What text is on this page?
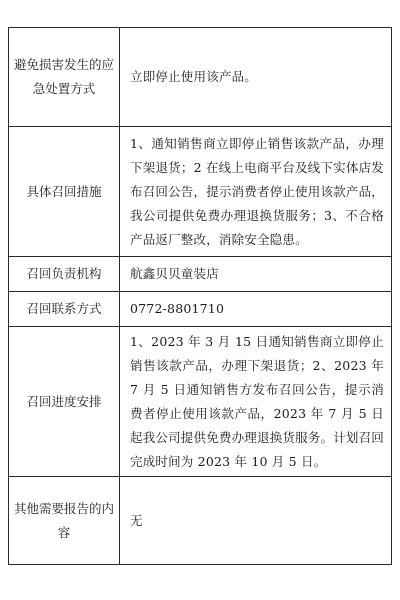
避免损害发生的应急处置方式	立即停止使用该产品。
具体召回措施	1、通知销售商立即停止销售该款产品，办理下架退货；2 在线上电商平台及线下实体店发布召回公告，提示消费者停止使用该款产品，我公司提供免费办理退换货服务；3、不合格产品返厂整改，消除安全隐患。
召回负责机构	航鑫贝贝童装店
召回联系方式	0772-8801710
召回进度安排	1、2023 年 3 月 15 日通知销售商立即停止销售该款产品，办理下架退货；2、2023 年 7 月 5 日通知销售方发布召回公告，提示消费者停止使用该款产品，2023 年 7 月 5 日起我公司提供免费办理退换货服务。计划召回完成时间为 2023 年 10 月 5 日。
其他需要报告的内容	无
